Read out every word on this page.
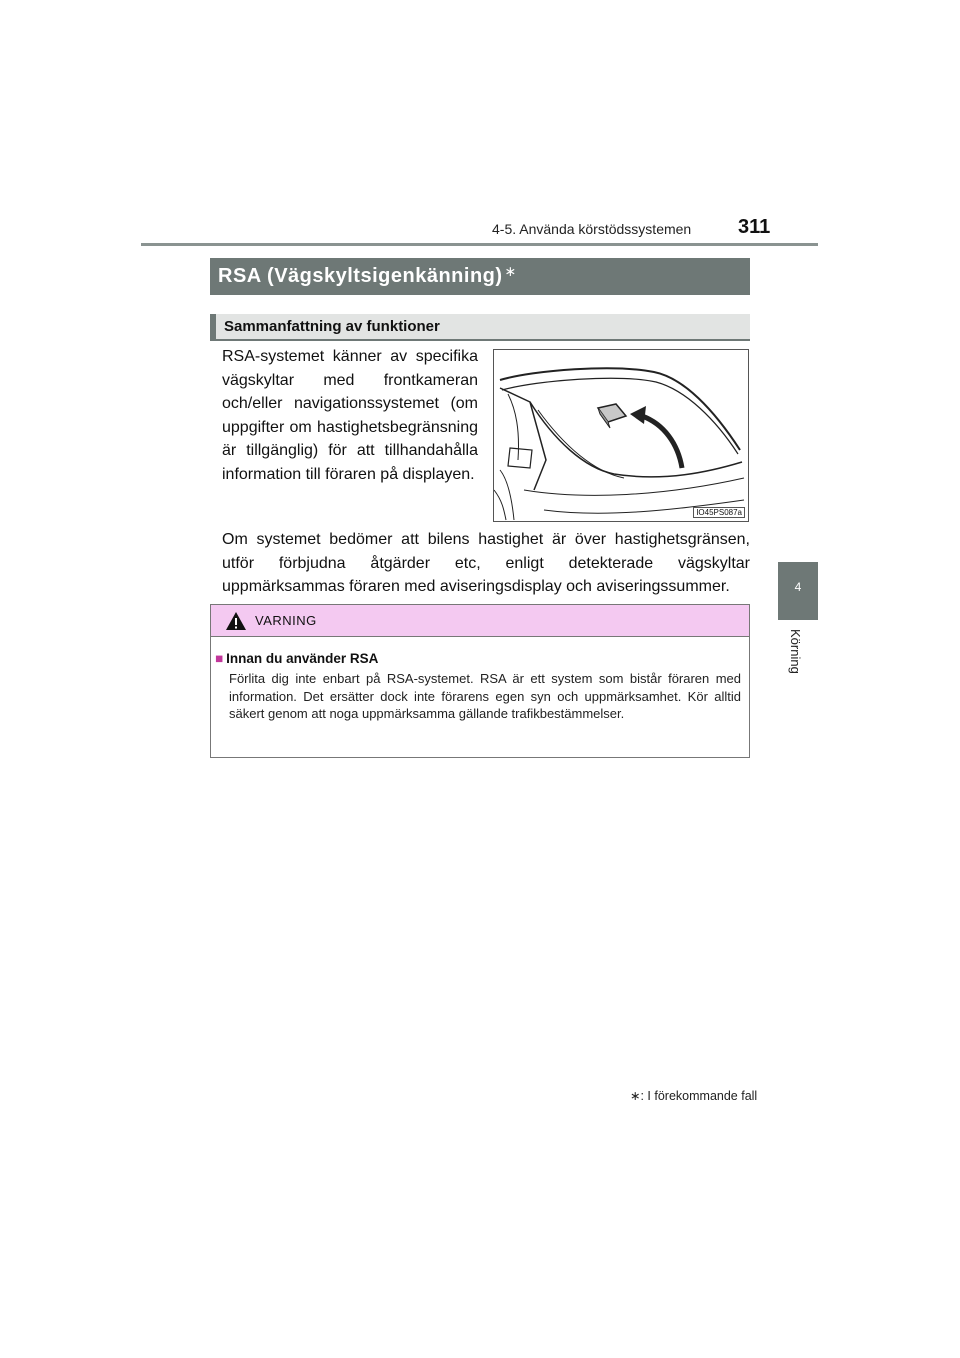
4-5. Använda körstödssystemen 311
4
Körning
RSA (Vägskyltsigenkänning) ∗
Sammanfattning av funktioner
RSA-systemet känner av specifika vägskyltar med frontkameran och/eller navigationssystemet (om uppgifter om hastighetsbegränsning är tillgänglig) för att tillhandahålla information till föraren på displayen.
IO45PS087a
Om systemet bedömer att bilens hastighet är över hastighetsgränsen, utför förbjudna åtgärder etc, enligt detekterade vägskyltar uppmärksammas föraren med aviseringsdisplay och aviseringssummer.
VARNING
■ Innan du använder RSA
Förlita dig inte enbart på RSA-systemet. RSA är ett system som bistår föraren med information. Det ersätter dock inte förarens egen syn och uppmärksamhet. Kör alltid säkert genom att noga uppmärksamma gällande trafikbestämmelser.
∗: I förekommande fall
